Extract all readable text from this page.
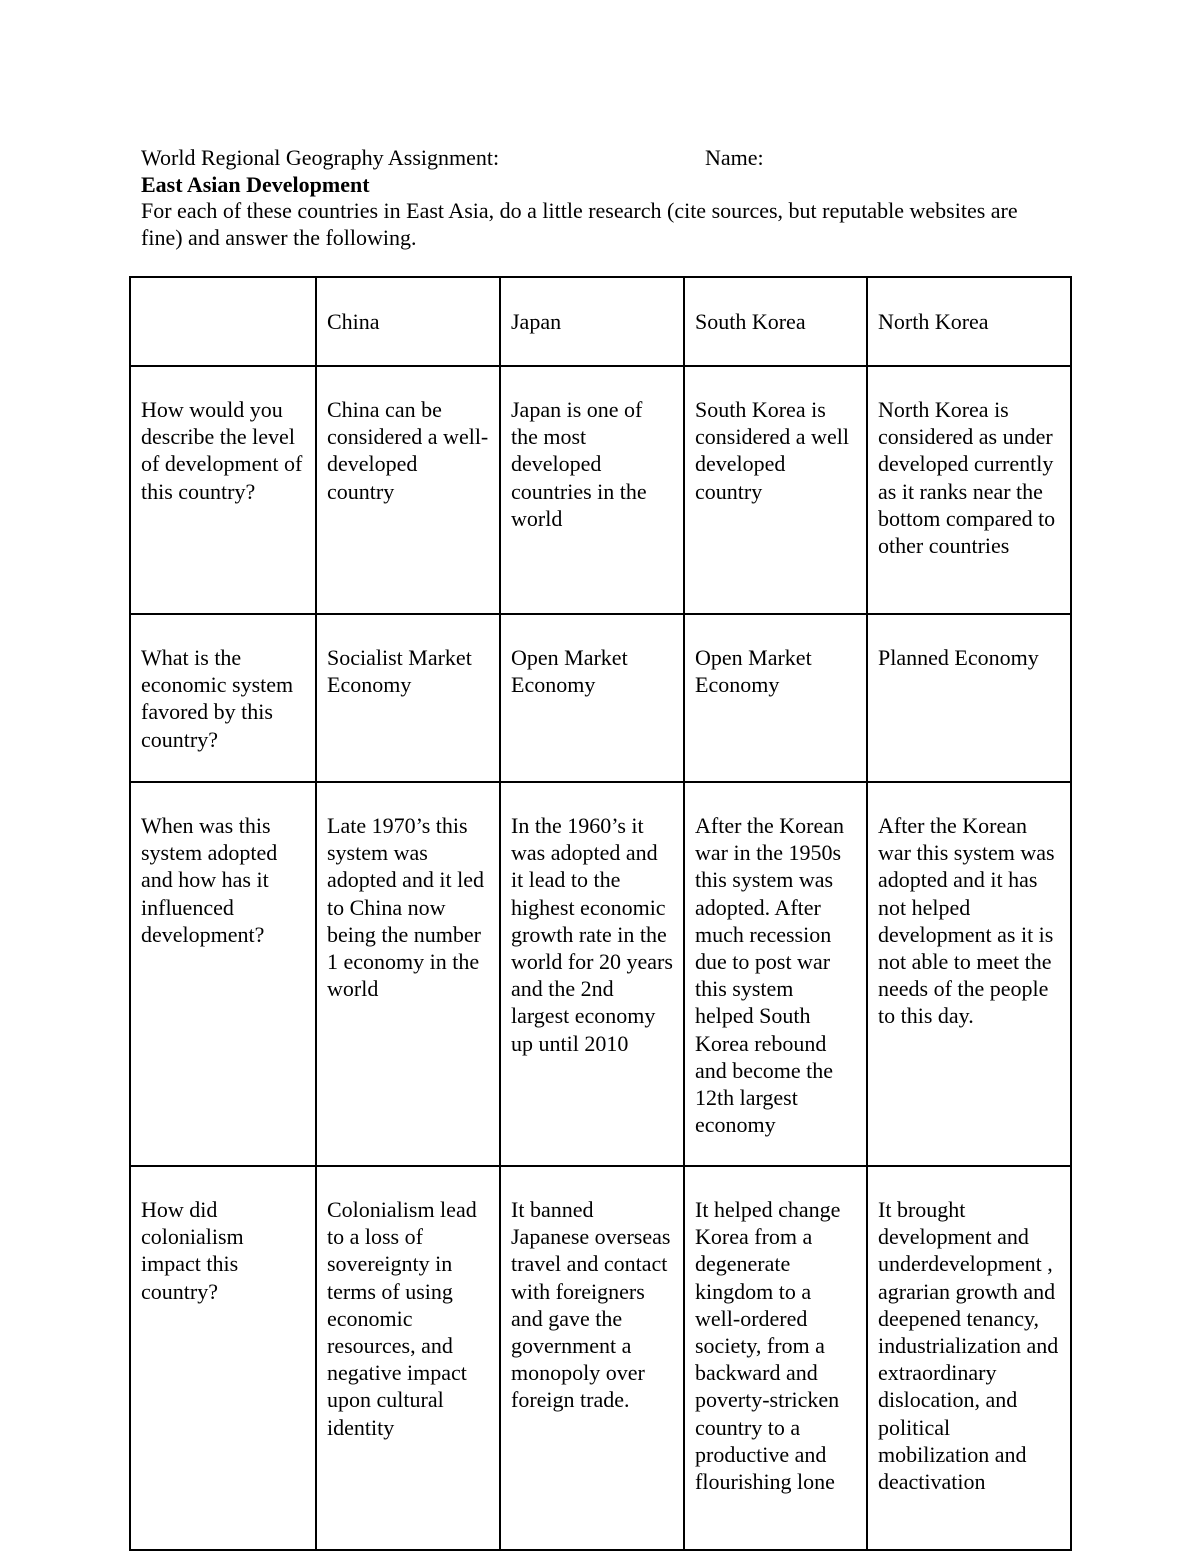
World Regional Geography Assignment:	Name:
East Asian Development
For each of these countries in East Asia, do a little research (cite sources, but reputable websites are fine) and answer the following.
	China	Japan	South Korea	North Korea

How would you describe the level of development of this country?	China can be considered a well-developed country	Japan is one of the most developed countries in the world	South Korea is considered a well developed country	North Korea is considered as under developed currently as it ranks near the bottom compared to other countries

What is the economic system favored by this country?	Socialist Market Economy	Open Market Economy	Open Market Economy	Planned Economy

When was this system adopted and how has it influenced development?	Late 1970’s this system was adopted and it led to China now being the number 1 economy in the world	In the 1960’s it was adopted and it lead to the highest economic growth rate in the world for 20 years and the 2nd largest economy up until 2010	After the Korean war in the 1950s this system was adopted. After much recession due to post war this system helped South Korea rebound and become the 12th largest economy	After the Korean war this system was adopted and it has not helped development as it is not able to meet the needs of the people to this day.

How did colonialism impact this country?	Colonialism lead to a loss of sovereignty in terms of using economic resources, and negative impact upon cultural identity	It banned Japanese overseas travel and contact with foreigners and gave the government a monopoly over foreign trade.	It helped change Korea from a degenerate kingdom to a well-ordered society, from a backward and poverty-stricken country to a productive and flourishing lone	It brought development and underdevelopment , agrarian growth and deepened tenancy, industrialization and extraordinary dislocation, and political mobilization and deactivation
